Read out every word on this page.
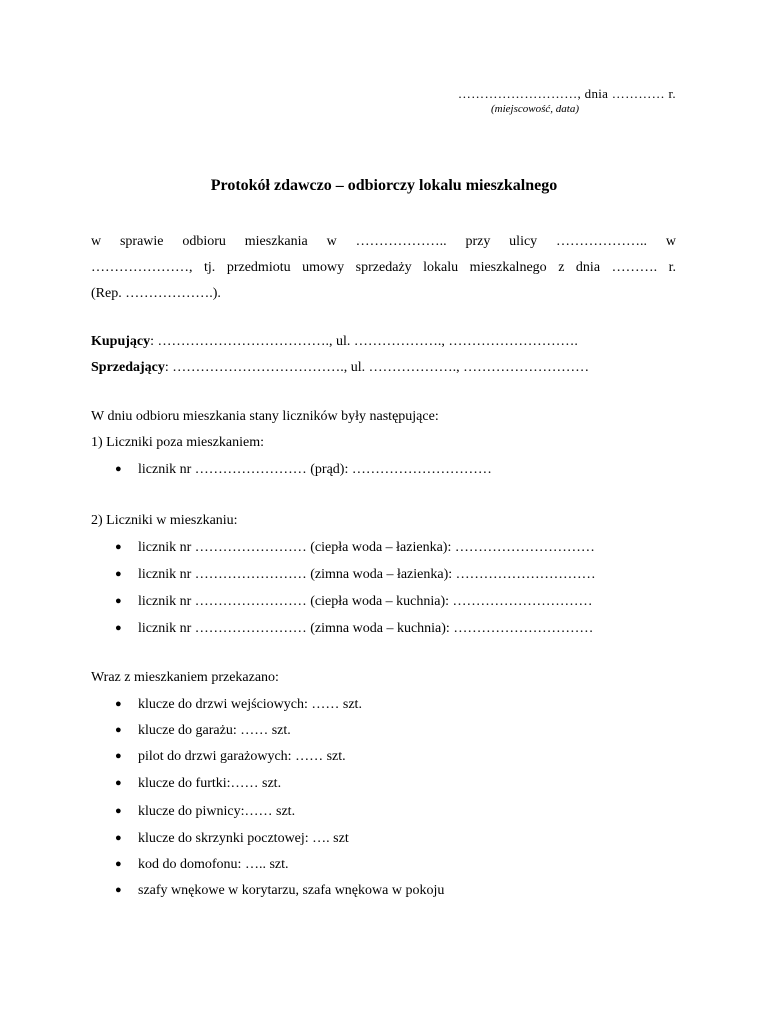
………………………, dnia ………… r.
(miejscowość, data)
Protokół zdawczo – odbiorczy lokalu mieszkalnego
w sprawie odbioru mieszkania w ……………….. przy ulicy ……………….. w
…………………, tj. przedmiotu umowy sprzedaży lokalu mieszkalnego z dnia ………. r.
(Rep. ……………….).
Kupujący: ………………………………., ul. ………………., ……………………….
Sprzedający: ………………………………., ul. ………………., ………………………
W dniu odbioru mieszkania stany liczników były następujące:
1) Liczniki poza mieszkaniem:
● licznik nr …………………… (prąd): …………………………
2) Liczniki w mieszkaniu:
● licznik nr …………………… (ciepła woda – łazienka): …………………………
● licznik nr …………………… (zimna woda – łazienka): …………………………
● licznik nr …………………… (ciepła woda – kuchnia): …………………………
● licznik nr …………………… (zimna woda – kuchnia): …………………………
Wraz z mieszkaniem przekazano:
● klucze do drzwi wejściowych: …… szt.
● klucze do garażu: …… szt.
● pilot do drzwi garażowych: …… szt.
● klucze do furtki:…… szt.
● klucze do piwnicy:…… szt.
● klucze do skrzynki pocztowej: …. szt
● kod do domofonu: ….. szt.
● szafy wnękowe w korytarzu, szafa wnękowa w pokoju
